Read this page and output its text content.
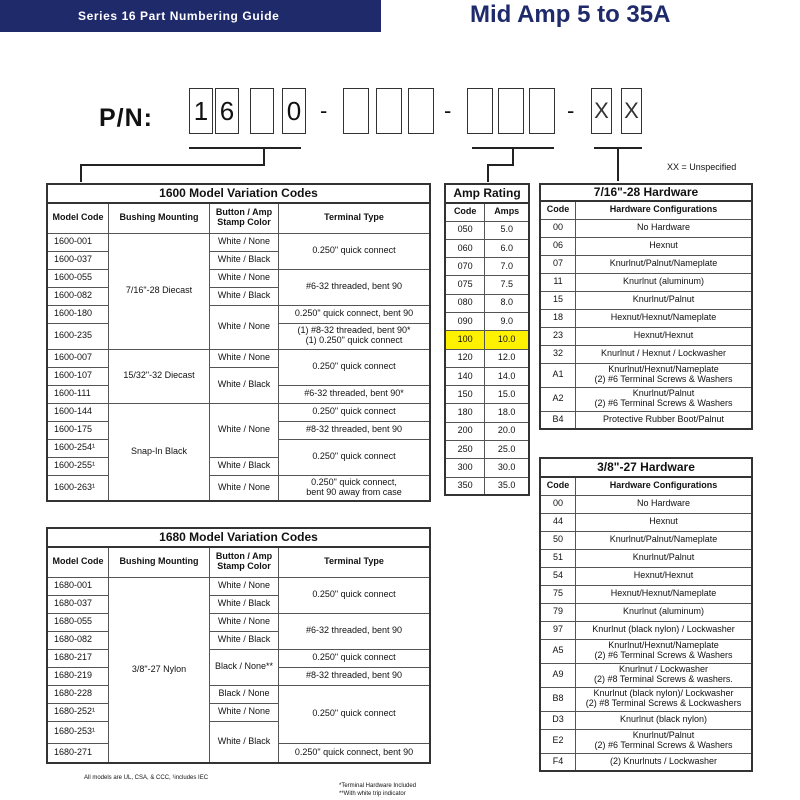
Series 16 Part Numbering Guide	Mid Amp 5 to 35A
P/N: 1 6 0 -	-	- X X
XX = Unspecified
1600 Model Variation Codes			
Model Code	Bushing Mounting	Button / Amp Stamp Color	Terminal Type
1600-001	7/16"-28 Diecast	White / None	0.250" quick connect
1600-037		White / Black	
1600-055		White / None	#6-32 threaded, bent 90
1600-082		White / Black	
1600-180		White / None	0.250" quick connect, bent 90
1600-235			(1) #8-32 threaded, bent 90*
(1) 0.250" quick connect
1600-007	15/32"-32 Diecast	White / None	0.250" quick connect
1600-107		White / Black	
1600-111			#6-32 threaded, bent 90*
1600-144	Snap-In Black	White / None	0.250" quick connect
1600-175			#8-32 threaded, bent 90
1600-254¹			0.250" quick connect
1600-255¹		White / Black	
1600-263¹		White / None	0.250" quick connect,
bent 90 away from case
1680 Model Variation Codes			
Model Code	Bushing Mounting	Button / Amp Stamp Color	Terminal Type
1680-001	3/8"-27 Nylon	White / None	0.250" quick connect
1680-037		White / Black	
1680-055		White / None	#6-32 threaded, bent 90
1680-082		White / Black	
1680-217		Black / None**	0.250" quick connect
1680-219			#8-32 threaded, bent 90
1680-228		Black / None	0.250" quick connect
1680-252¹		White / None	
1680-253¹		White / Black	
1680-271			0.250" quick connect, bent 90
Amp Rating	
Code	Amps
050	5.0
060	6.0
070	7.0
075	7.5
080	8.0
090	9.0
100	10.0
120	12.0
140	14.0
150	15.0
180	18.0
200	20.0
250	25.0
300	30.0
350	35.0
7/16"-28 Hardware	
Code	Hardware Configurations
00	No Hardware
06	Hexnut
07	Knurlnut/Palnut/Nameplate
11	Knurlnut (aluminum)
15	Knurlnut/Palnut
18	Hexnut/Hexnut/Nameplate
23	Hexnut/Hexnut
32	Knurlnut / Hexnut / Lockwasher
A1	Knurlnut/Hexnut/Nameplate
(2) #6 Terminal Screws & Washers
A2	Knurlnut/Palnut
(2) #6 Terminal Screws & Washers
B4	Protective Rubber Boot/Palnut
3/8"-27 Hardware	
Code	Hardware Configurations
00	No Hardware
44	Hexnut
50	Knurlnut/Palnut/Nameplate
51	Knurlnut/Palnut
54	Hexnut/Hexnut
75	Hexnut/Hexnut/Nameplate
79	Knurlnut (aluminum)
97	Knurlnut (black nylon) / Lockwasher
A5	Knurlnut/Hexnut/Nameplate
(2) #6 Terminal Screws & Washers
A9	Knurlnut / Lockwasher
(2) #8 Terminal Screws & washers.
B8	Knurlnut (black nylon)/ Lockwasher
(2) #8 Terminal Screws & Lockwashers
D3	Knurlnut (black nylon)
E2	Knurlnut/Palnut
(2) #6 Terminal Screws & Washers
F4	(2) Knurlnuts / Lockwasher
All models are UL, CSA, & CCC, ¹includes IEC
*Terminal Hardware Included
**With white trip indicator
